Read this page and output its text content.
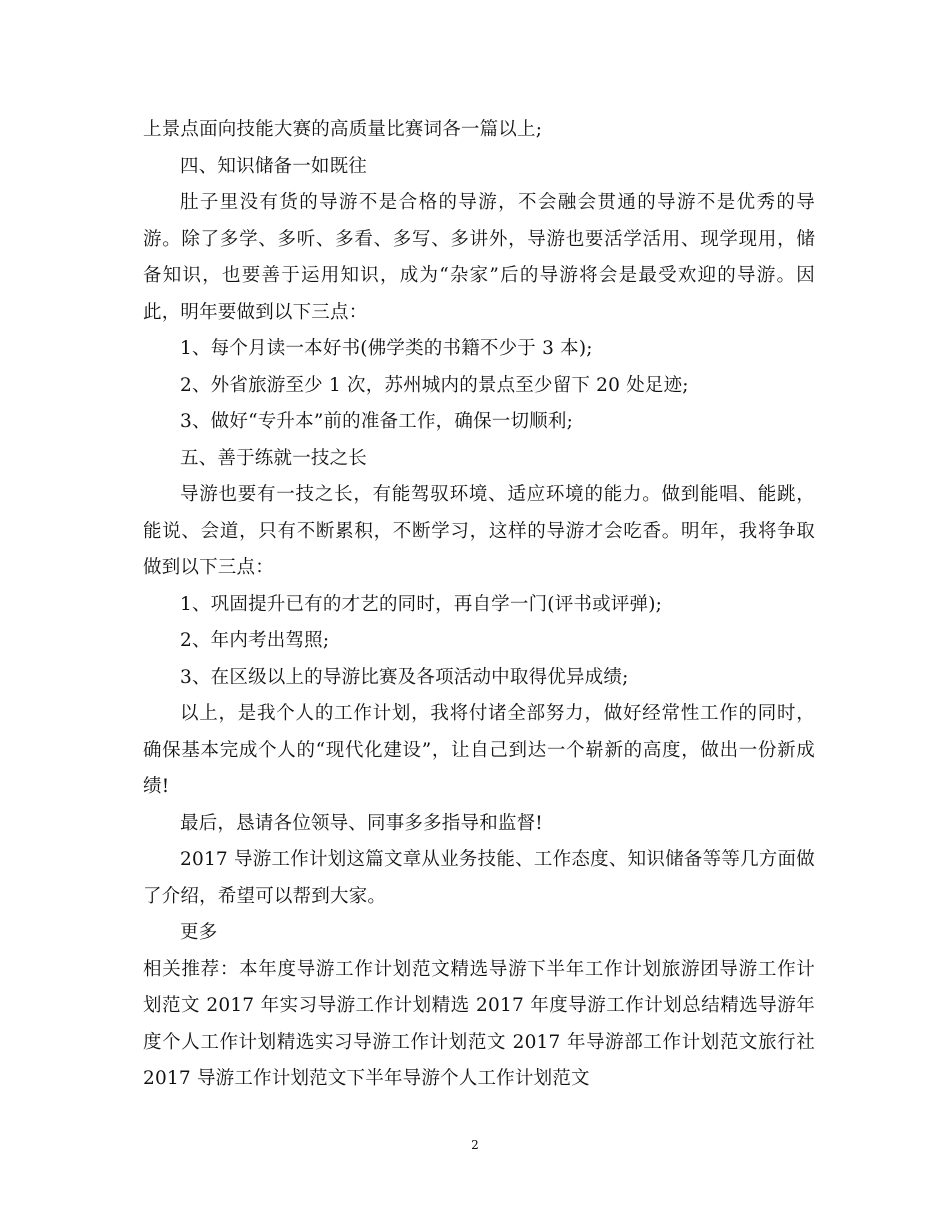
上景点面向技能大赛的高质量比赛词各一篇以上;

四、知识储备一如既往

肚子里没有货的导游不是合格的导游，不会融会贯通的导游不是优秀的导游。除了多学、多听、多看、多写、多讲外，导游也要活学活用、现学现用，储备知识，也要善于运用知识，成为“杂家”后的导游将会是最受欢迎的导游。因此，明年要做到以下三点：

1、每个月读一本好书(佛学类的书籍不少于 3 本);

2、外省旅游至少 1 次，苏州城内的景点至少留下 20 处足迹;

3、做好“专升本”前的准备工作，确保一切顺利;

五、善于练就一技之长

导游也要有一技之长，有能驾驭环境、适应环境的能力。做到能唱、能跳，能说、会道，只有不断累积，不断学习，这样的导游才会吃香。明年，我将争取做到以下三点：

1、巩固提升已有的才艺的同时，再自学一门(评书或评弹);

2、年内考出驾照;

3、在区级以上的导游比赛及各项活动中取得优异成绩;

以上，是我个人的工作计划，我将付诸全部努力，做好经常性工作的同时，确保基本完成个人的“现代化建设”，让自己到达一个崭新的高度，做出一份新成绩!

最后，恳请各位领导、同事多多指导和监督!

2017 导游工作计划这篇文章从业务技能、工作态度、知识储备等等几方面做了介绍，希望可以帮到大家。

更多

相关推荐：本年度导游工作计划范文精选导游下半年工作计划旅游团导游工作计划范文 2017 年实习导游工作计划精选 2017 年度导游工作计划总结精选导游年度个人工作计划精选实习导游工作计划范文 2017 年导游部工作计划范文旅行社 2017 导游工作计划范文下半年导游个人工作计划范文

2
